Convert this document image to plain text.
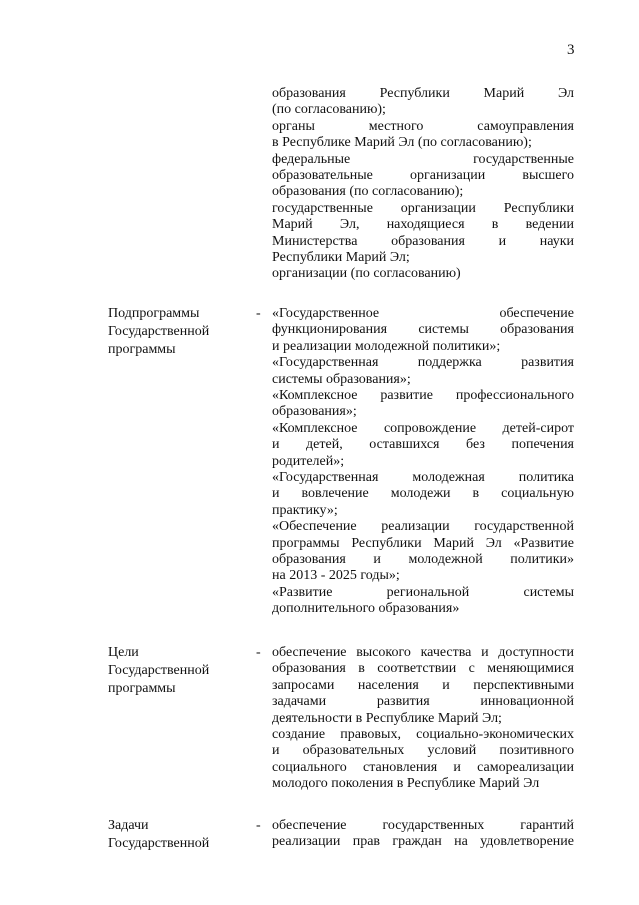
3
образования Республики Марий Эл
(по согласованию);
органы местного самоуправления
в Республике Марий Эл (по согласованию);
федеральные государственные
образовательные организации высшего
образования (по согласованию);
государственные организации Республики
Марий Эл, находящиеся в ведении
Министерства образования и науки
Республики Марий Эл;
организации (по согласованию)
Подпрограммы
Государственной
программы
- «Государственное обеспечение
функционирования системы образования
и реализации молодежной политики»;
«Государственная поддержка развития
системы образования»;
«Комплексное развитие профессионального
образования»;
«Комплексное сопровождение детей-сирот
и детей, оставшихся без попечения
родителей»;
«Государственная молодежная политика
и вовлечение молодежи в социальную
практику»;
«Обеспечение реализации государственной
программы Республики Марий Эл «Развитие
образования и молодежной политики»
на 2013 - 2025 годы»;
«Развитие региональной системы
дополнительного образования»
Цели
Государственной
программы
- обеспечение высокого качества и доступности
образования в соответствии с меняющимися
запросами населения и перспективными
задачами развития инновационной
деятельности в Республике Марий Эл;
создание правовых, социально-экономических
и образовательных условий позитивного
социального становления и самореализации
молодого поколения в Республике Марий Эл
Задачи
Государственной
- обеспечение государственных гарантий
реализации прав граждан на удовлетворение
